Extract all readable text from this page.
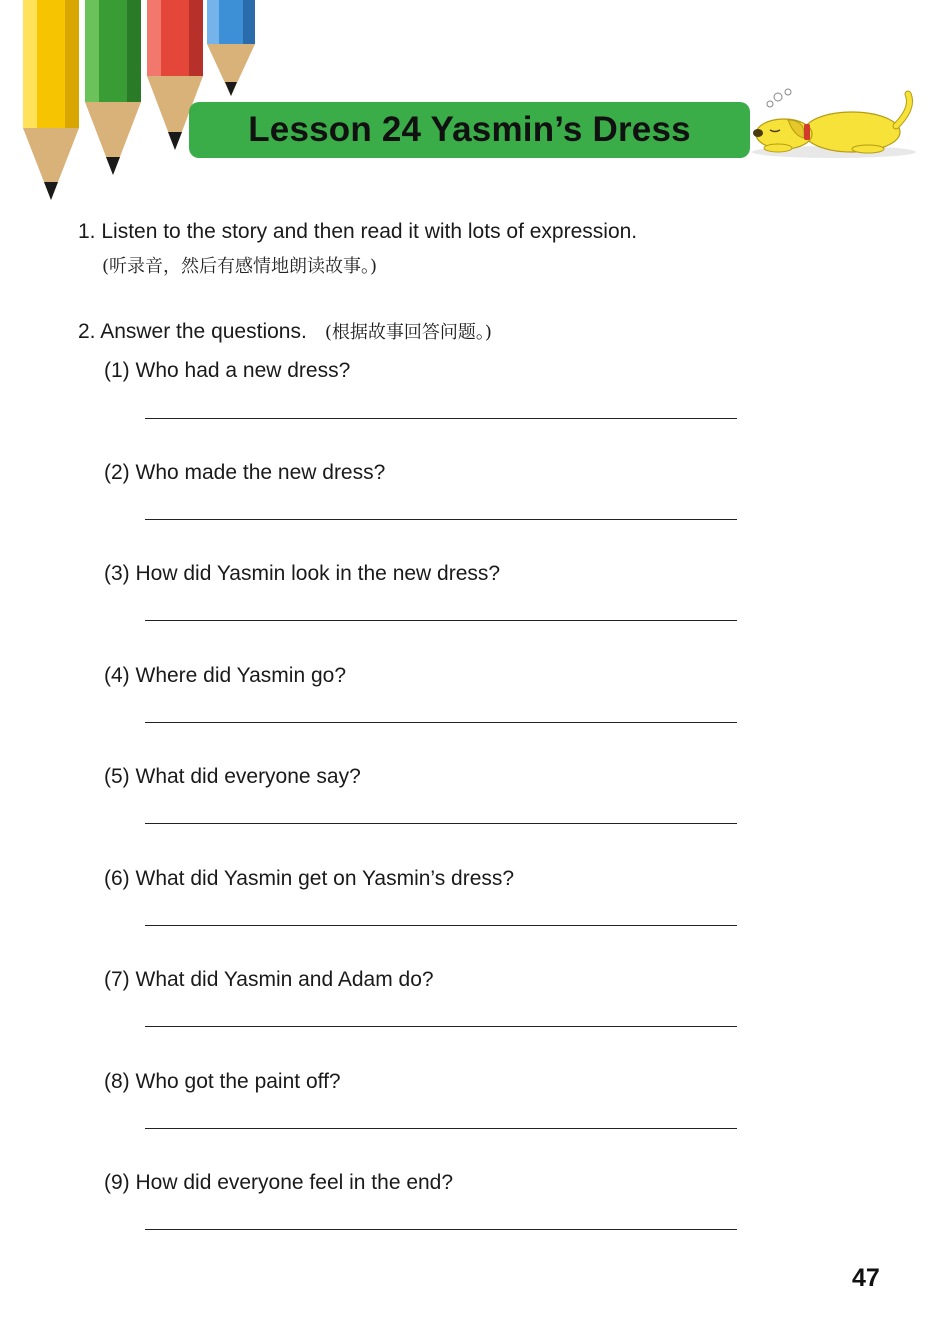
Lesson 24 Yasmin’s Dress
1. Listen to the story and then read it with lots of expression.
(听录音，然后有感情地朗读故事。)
2. Answer the questions. (根据故事回答问题。)
(1) Who had a new dress?
(2) Who made the new dress?
(3) How did Yasmin look in the new dress?
(4) Where did Yasmin go?
(5) What did everyone say?
(6) What did Yasmin get on Yasmin’s dress?
(7) What did Yasmin and Adam do?
(8) Who got the paint off?
(9) How did everyone feel in the end?
47
